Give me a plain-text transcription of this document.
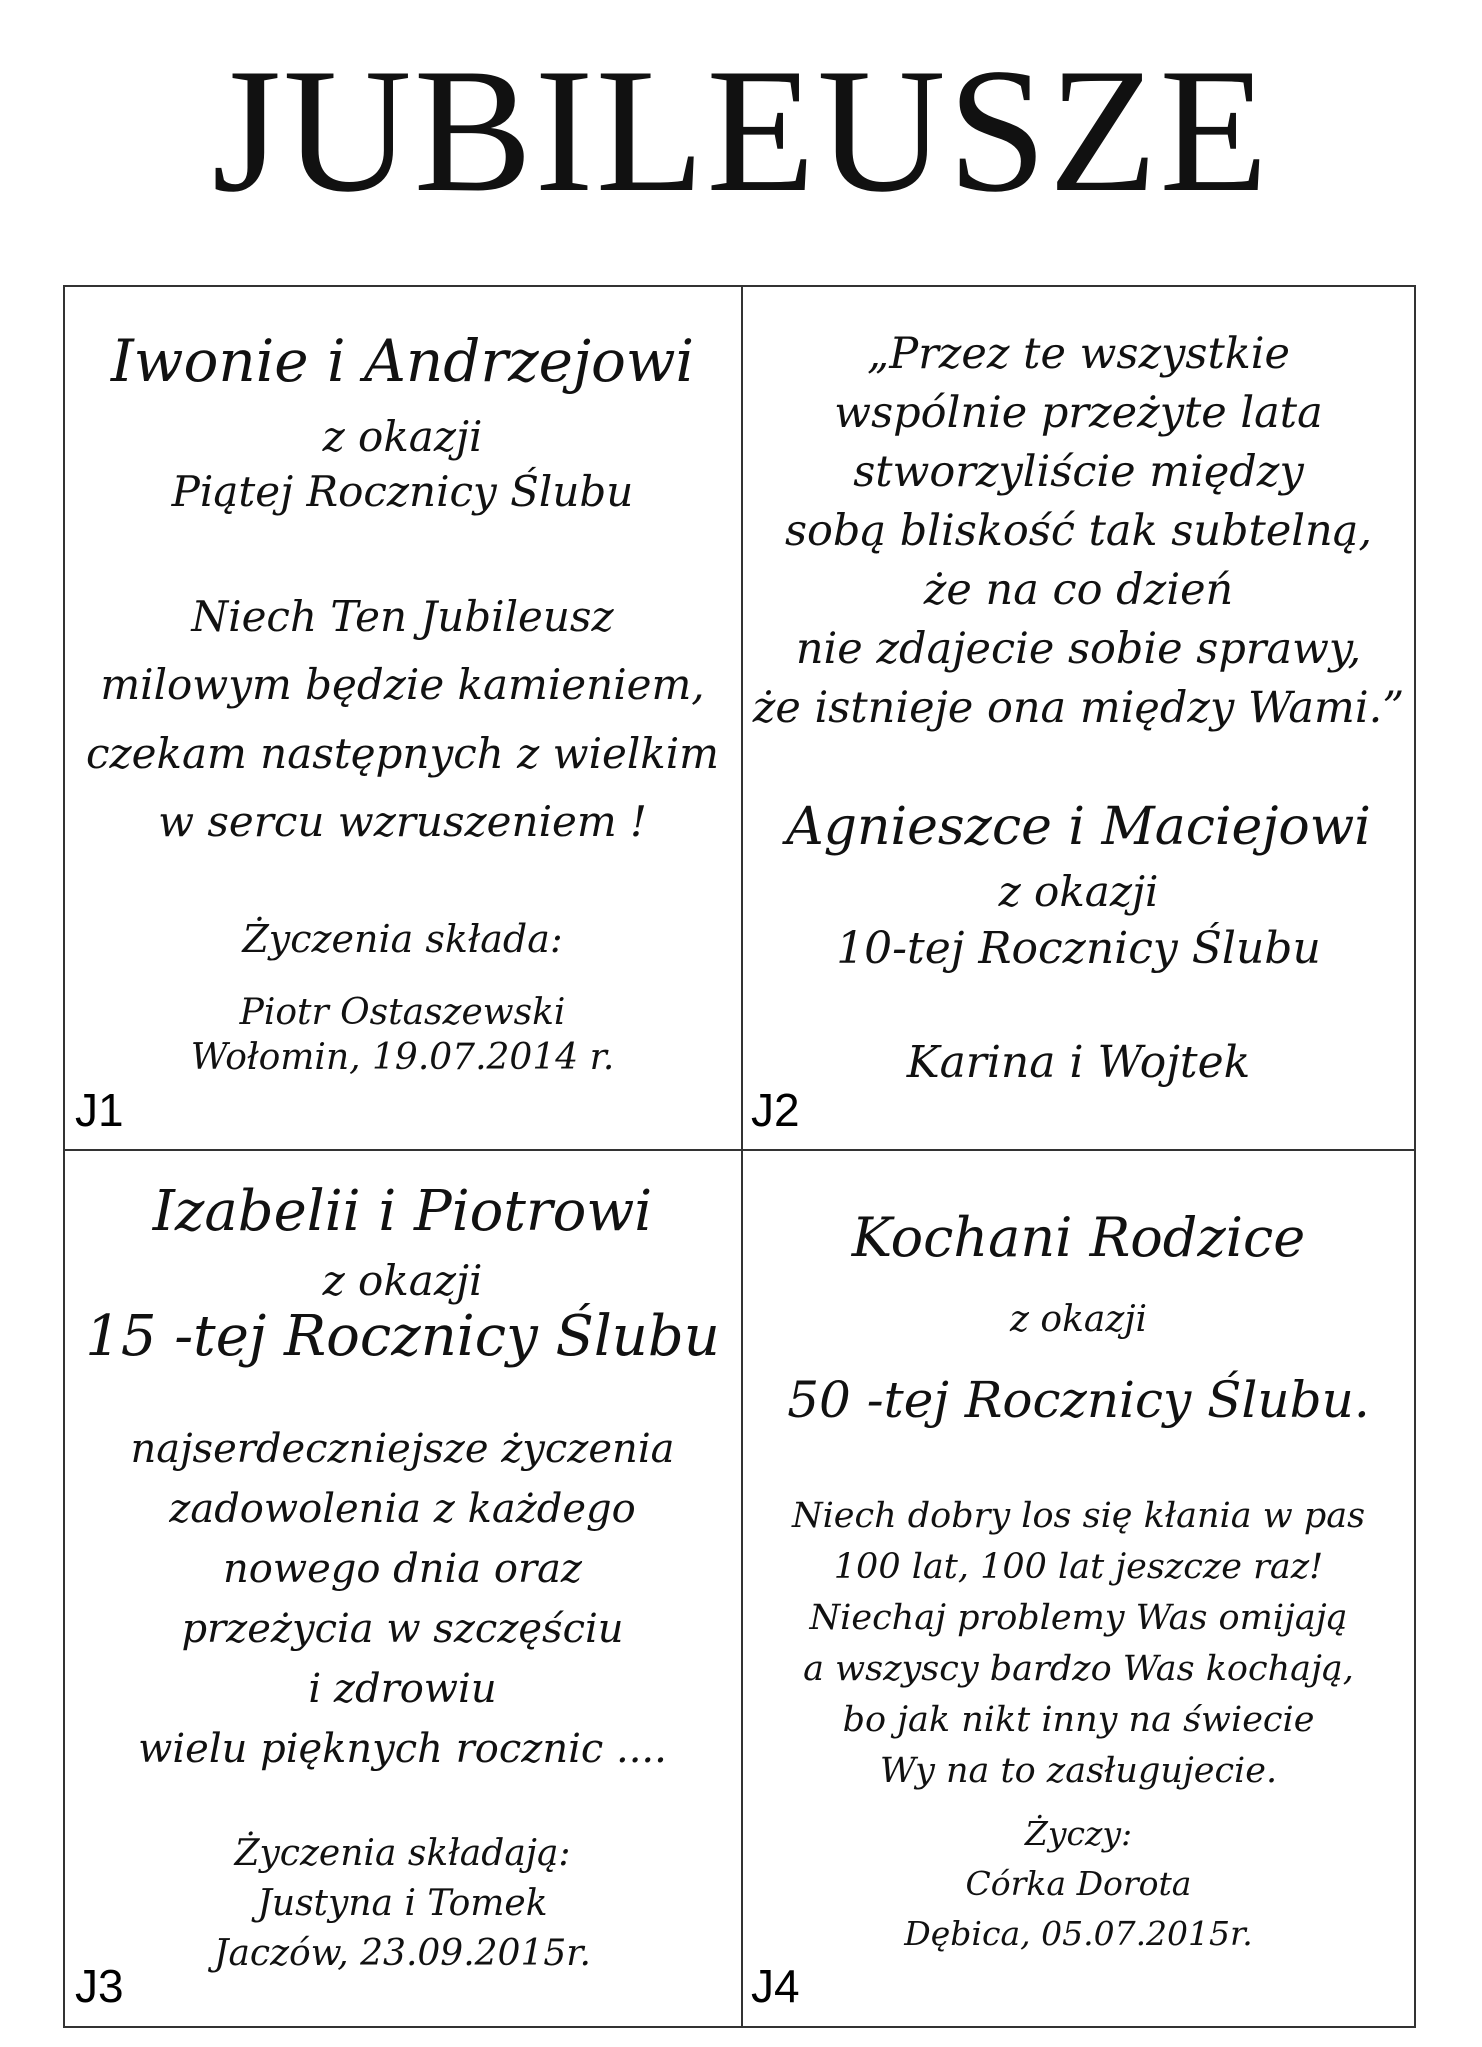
JUBILEUSZE
Iwonie i Andrzejowi
z okazji
Piątej Rocznicy Ślubu
Niech Ten Jubileusz
milowym będzie kamieniem,
czekam następnych z wielkim
w sercu wzruszeniem !
Życzenia składa:
Piotr Ostaszewski
Wołomin, 19.07.2014 r.
J1
„Przez te wszystkie
wspólnie przeżyte lata
stworzyliście między
sobą bliskość tak subtelną,
że na co dzień
nie zdajecie sobie sprawy,
że istnieje ona między Wami.”
Agnieszce i Maciejowi
z okazji
10-tej Rocznicy Ślubu
Karina i Wojtek
J2
Izabelii i Piotrowi
z okazji
15 -tej Rocznicy Ślubu
najserdeczniejsze życzenia
zadowolenia z każdego
nowego dnia oraz
przeżycia w szczęściu
i zdrowiu
wielu pięknych rocznic ....
Życzenia składają:
Justyna i Tomek
Jaczów, 23.09.2015r.
J3
Kochani Rodzice
z okazji
50 -tej Rocznicy Ślubu.
Niech dobry los się kłania w pas
100 lat, 100 lat jeszcze raz!
Niechaj problemy Was omijają
a wszyscy bardzo Was kochają,
bo jak nikt inny na świecie
Wy na to zasługujecie.
Życzy:
Córka Dorota
Dębica, 05.07.2015r.
J4
